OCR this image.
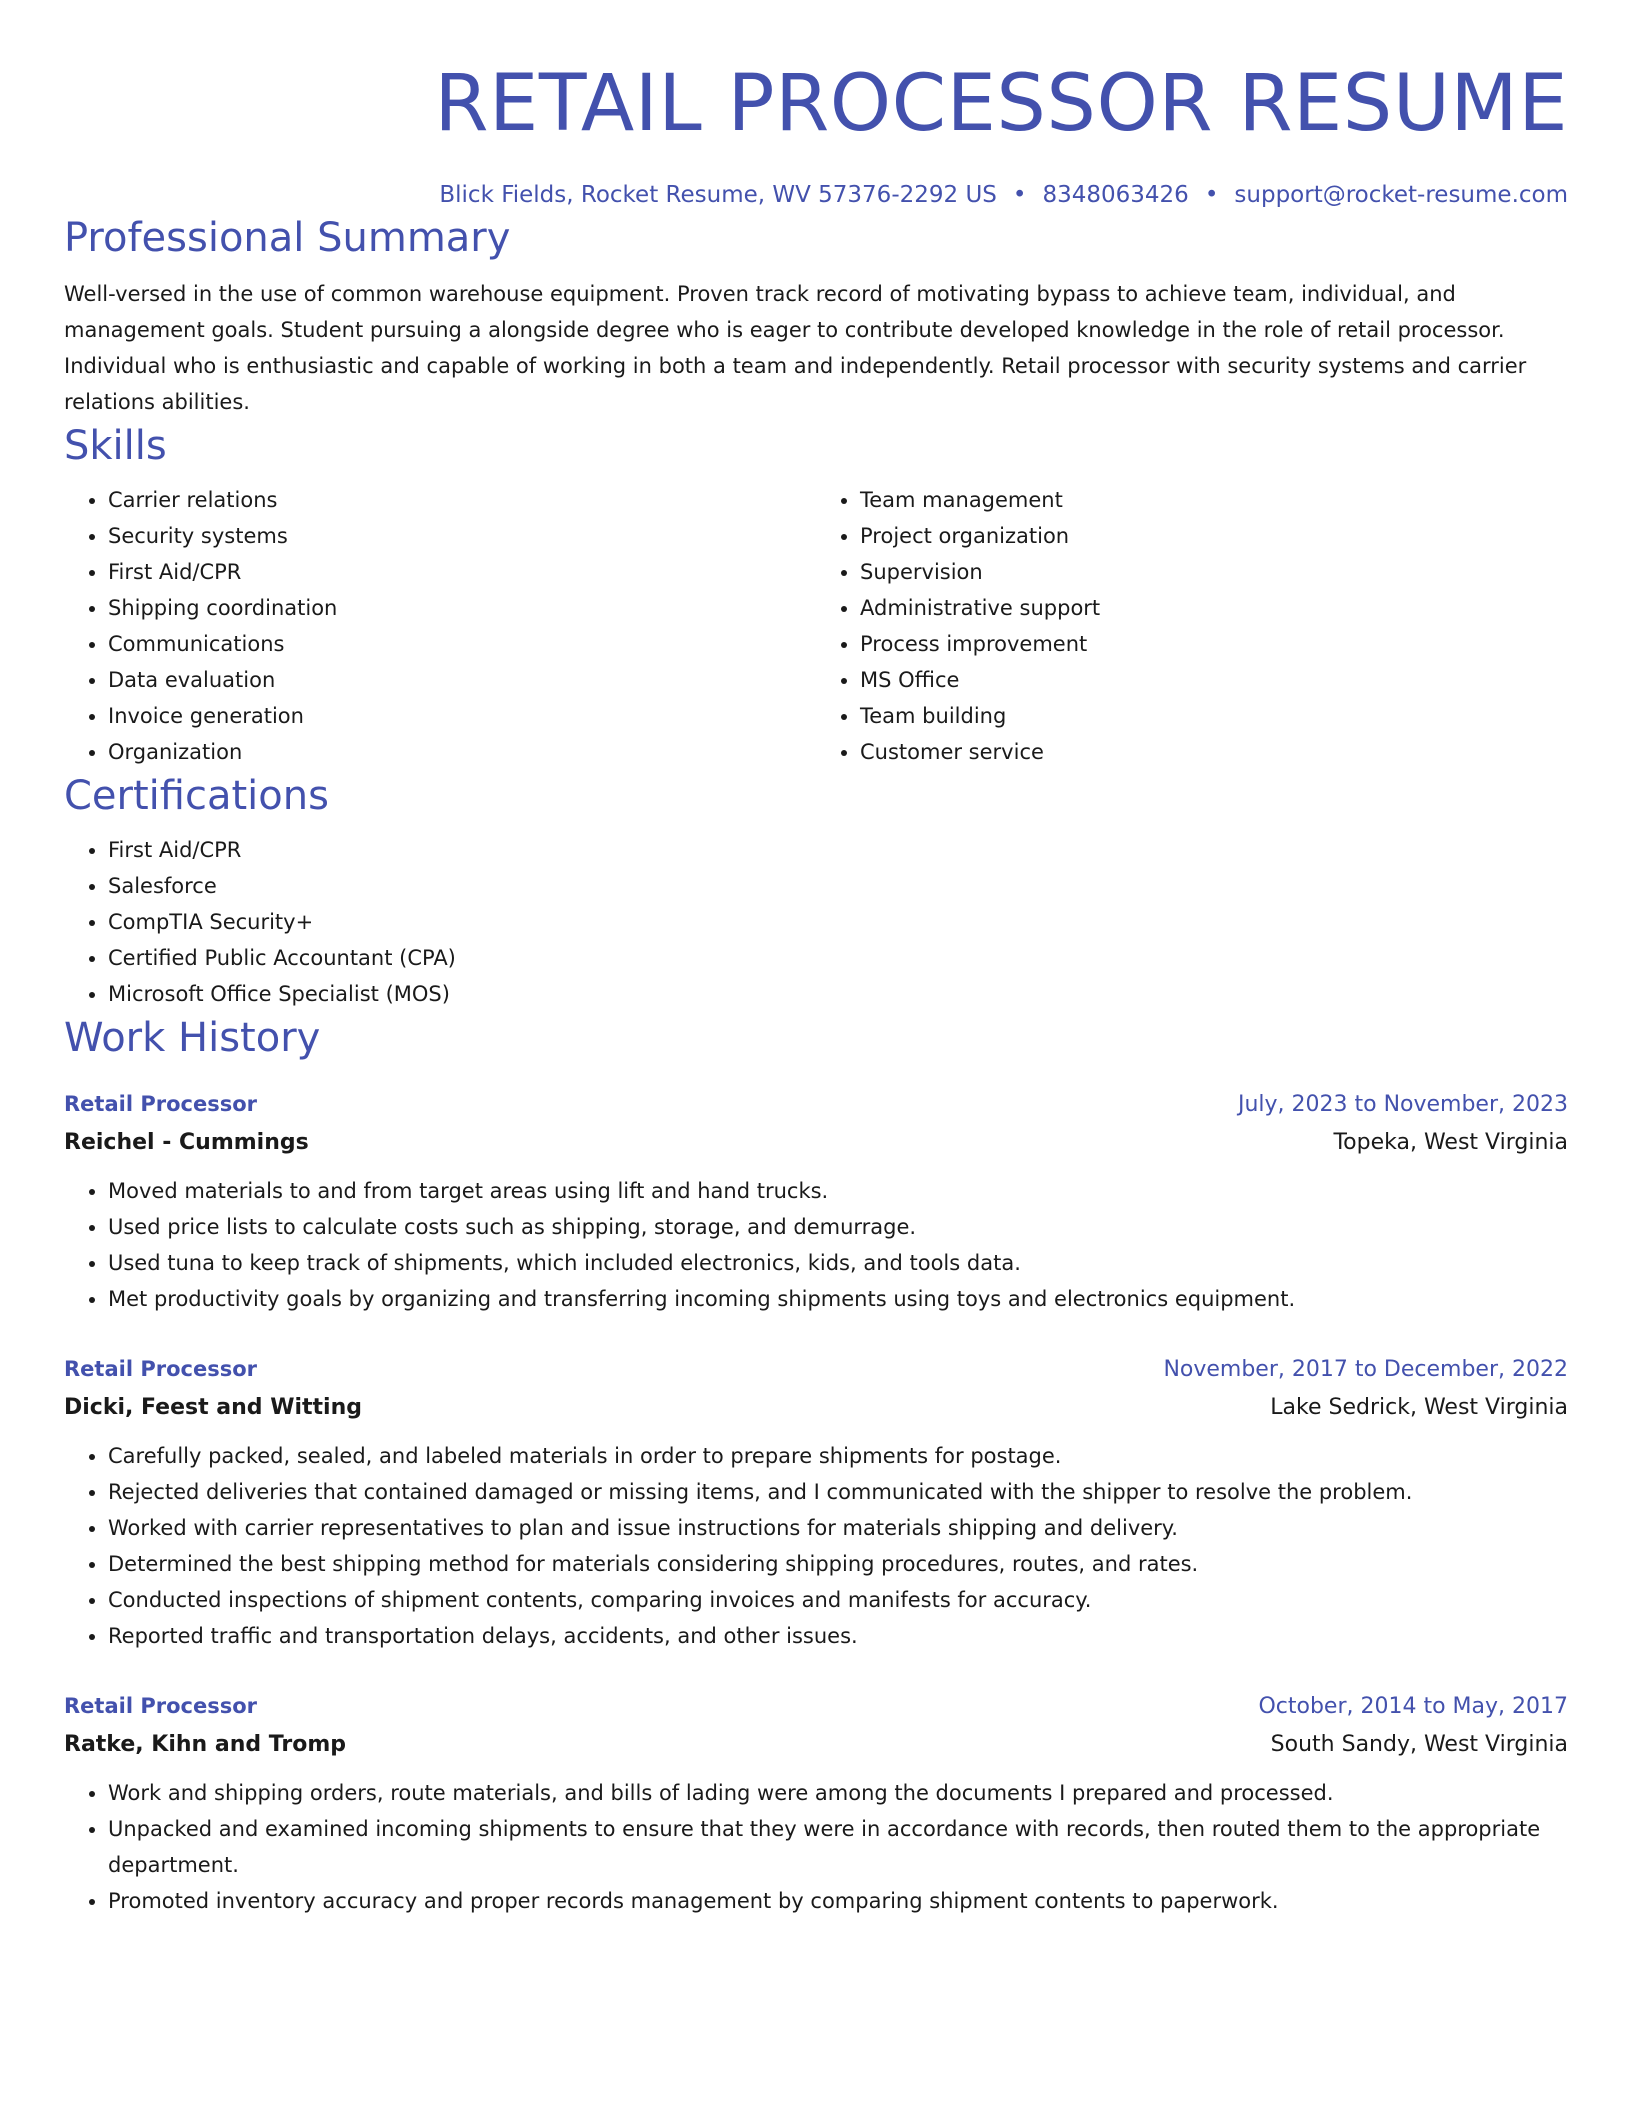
RETAIL PROCESSOR RESUME
Blick Fields, Rocket Resume, WV 57376-2292 US • 8348063426 • support@rocket-resume.com
Professional Summary

Well-versed in the use of common warehouse equipment. Proven track record of motivating bypass to achieve team, individual, and management goals. Student pursuing a alongside degree who is eager to contribute developed knowledge in the role of retail processor. Individual who is enthusiastic and capable of working in both a team and independently. Retail processor with security systems and carrier relations abilities.

Skills
• Carrier relations
• Security systems
• First Aid/CPR
• Shipping coordination
• Communications
• Data evaluation
• Invoice generation
• Organization
• Team management
• Project organization
• Supervision
• Administrative support
• Process improvement
• MS Office
• Team building
• Customer service
Certifications
• First Aid/CPR
• Salesforce
• CompTIA Security+
• Certified Public Accountant (CPA)
• Microsoft Office Specialist (MOS)
Work History
Retail Processor	July, 2023 to November, 2023
Reichel - Cummings	Topeka, West Virginia
• Moved materials to and from target areas using lift and hand trucks.
• Used price lists to calculate costs such as shipping, storage, and demurrage.
• Used tuna to keep track of shipments, which included electronics, kids, and tools data.
• Met productivity goals by organizing and transferring incoming shipments using toys and electronics equipment.
Retail Processor	November, 2017 to December, 2022
Dicki, Feest and Witting	Lake Sedrick, West Virginia
• Carefully packed, sealed, and labeled materials in order to prepare shipments for postage.
• Rejected deliveries that contained damaged or missing items, and I communicated with the shipper to resolve the problem.
• Worked with carrier representatives to plan and issue instructions for materials shipping and delivery.
• Determined the best shipping method for materials considering shipping procedures, routes, and rates.
• Conducted inspections of shipment contents, comparing invoices and manifests for accuracy.
• Reported traffic and transportation delays, accidents, and other issues.
Retail Processor	October, 2014 to May, 2017
Ratke, Kihn and Tromp	South Sandy, West Virginia
• Work and shipping orders, route materials, and bills of lading were among the documents I prepared and processed.
• Unpacked and examined incoming shipments to ensure that they were in accordance with records, then routed them to the appropriate department.
• Promoted inventory accuracy and proper records management by comparing shipment contents to paperwork.
